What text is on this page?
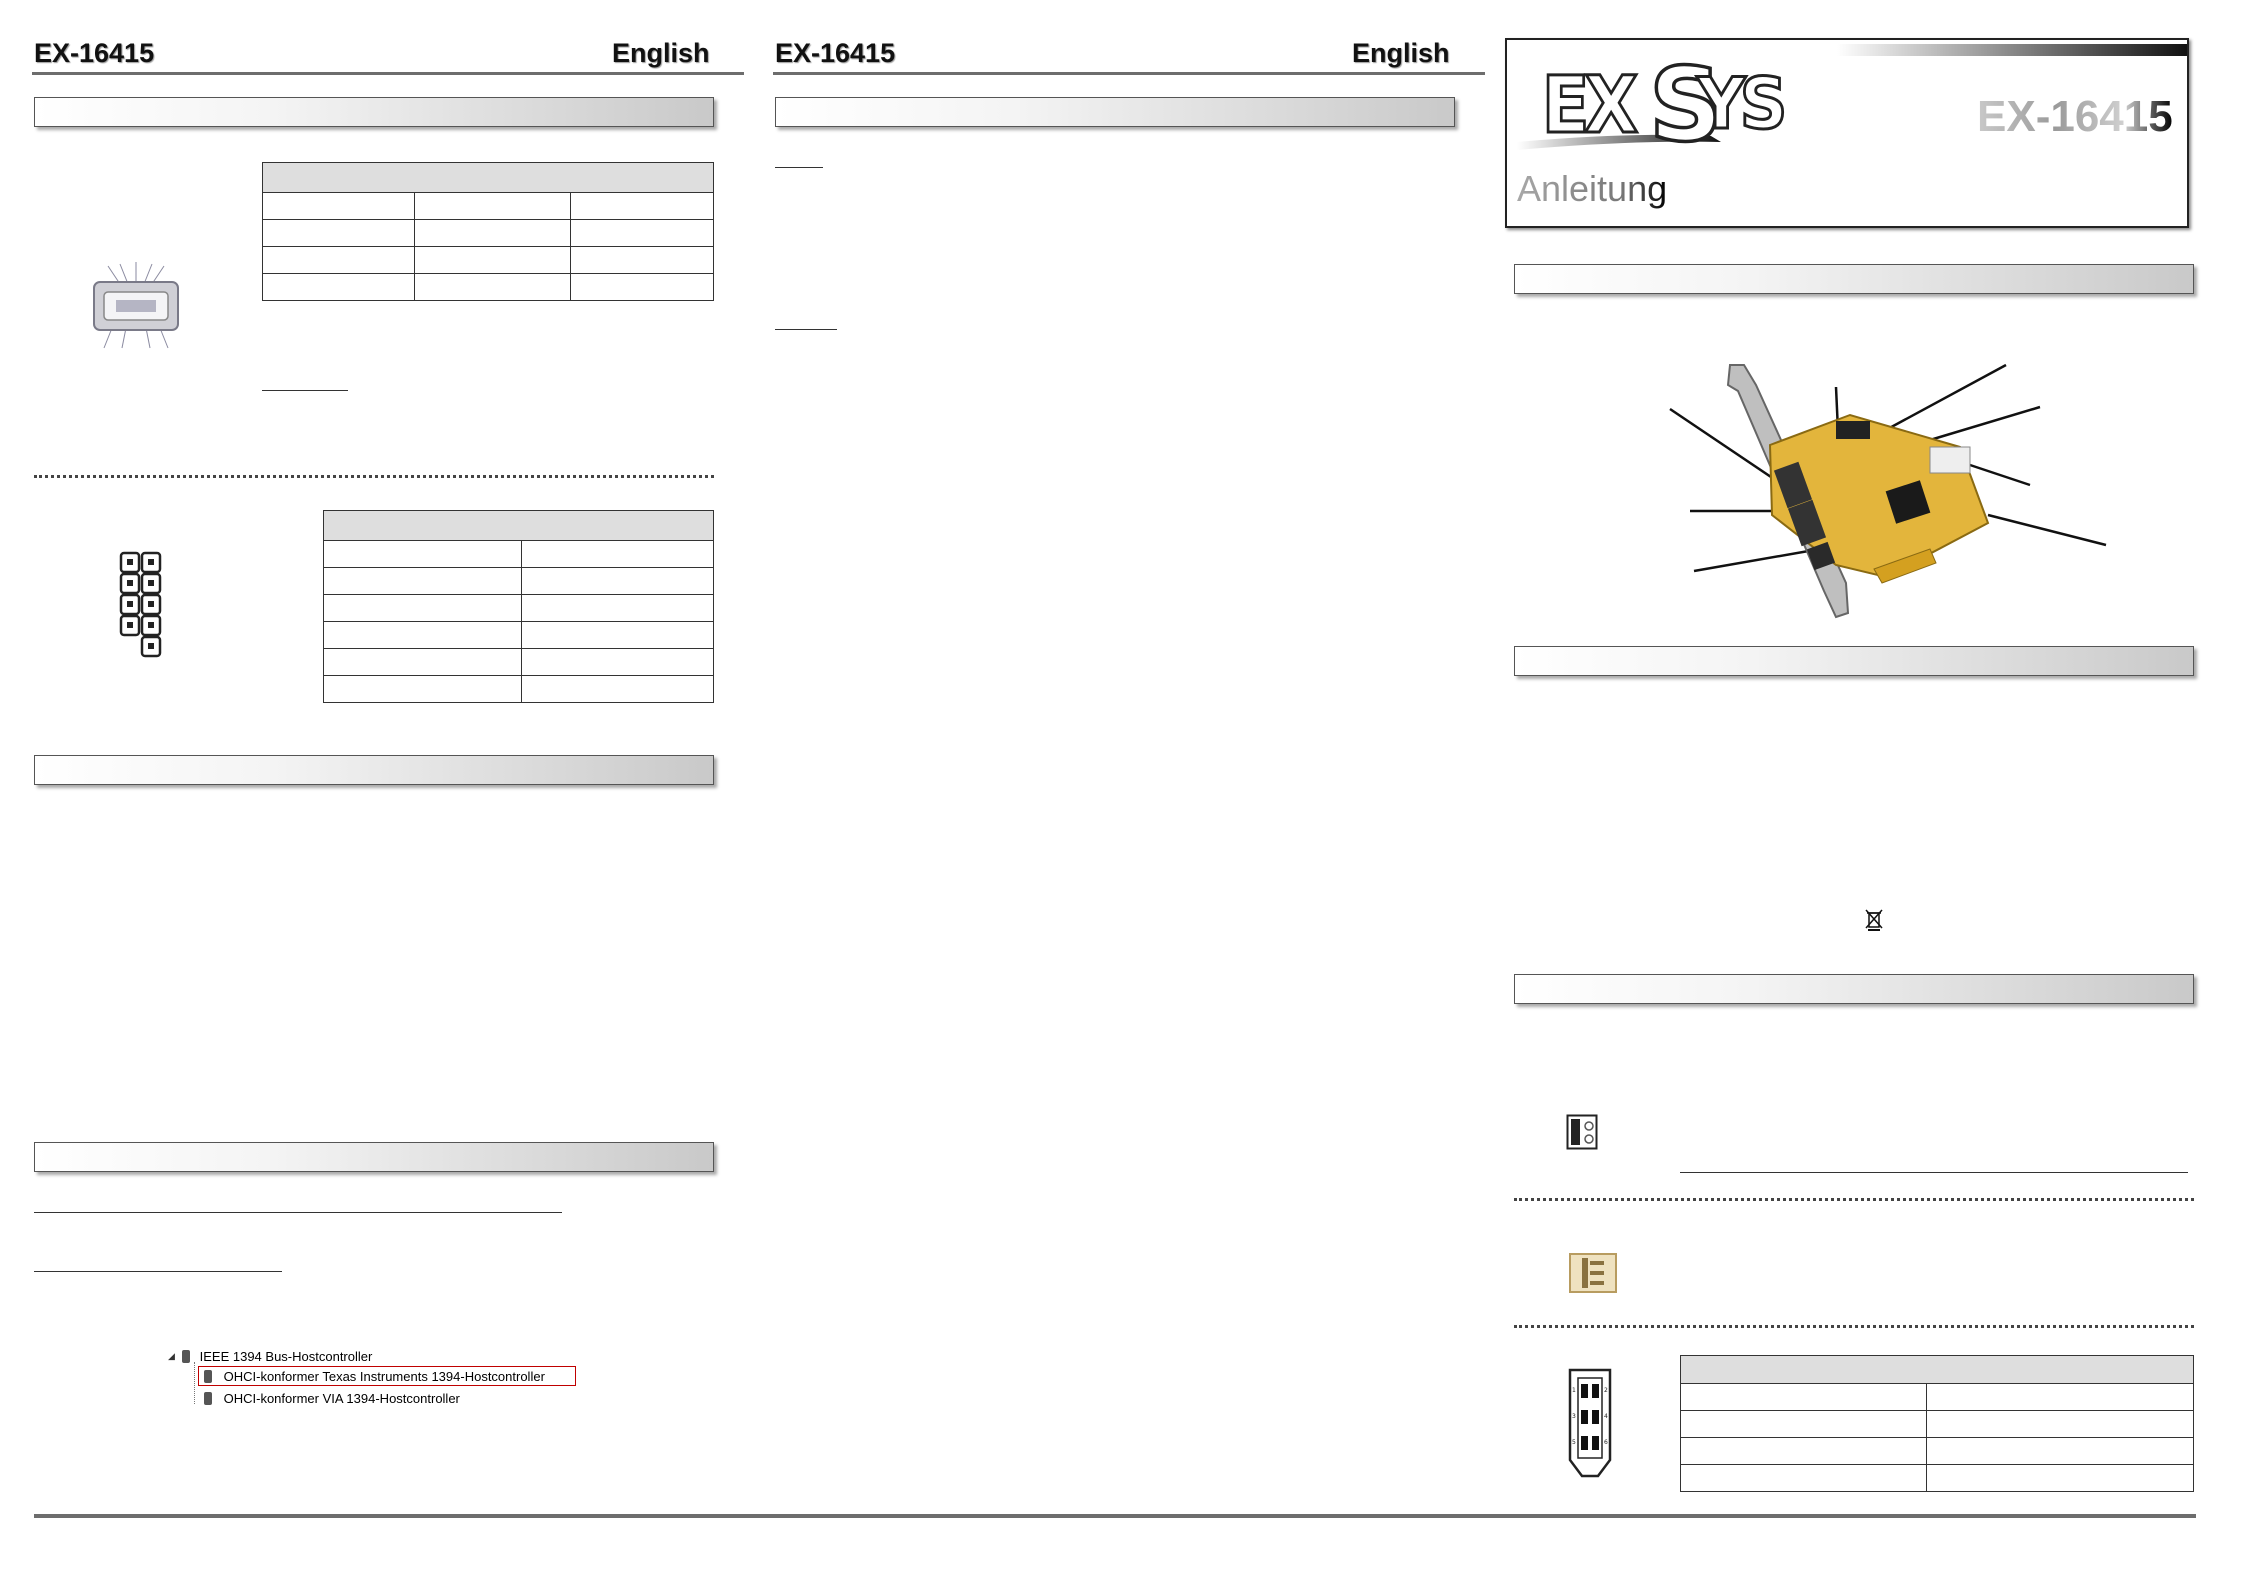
EX-16415	English

◢	IEEE 1394 Bus-Hostcontroller
OHCI-konformer Texas Instruments 1394-Hostcontroller
OHCI-konformer VIA 1394-Hostcontroller
EX-16415	English
EX S
YS	EX-16415
Anleitung
1	2
3	4
5	6
